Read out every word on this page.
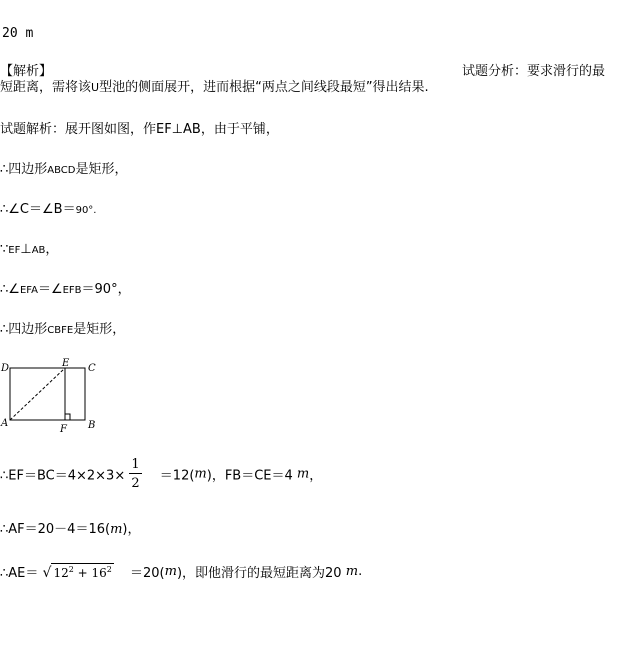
20 m
【解析】	试题分析：要求滑行的最
短距离，需将该U型池的侧面展开，进而根据“两点之间线段最短”得出结果.
试题解析：展开图如图，作EF⊥AB，由于平铺，
∴四边形ABCD是矩形，
∴∠C＝∠B＝90°.
∵EF⊥AB，
∴∠EFA＝∠EFB＝90°，
∴四边形CBFE是矩形，
D	E C
A
F B
∴EF＝BC＝4×2×3× $\frac{1}{2} =12(m)$，FB＝CE＝4 m，
∴AF＝20－4＝16(m)，
∴AE＝ √ $12^2 + 16^2 =20(m)$，即他滑行的最短距离为20 m.
